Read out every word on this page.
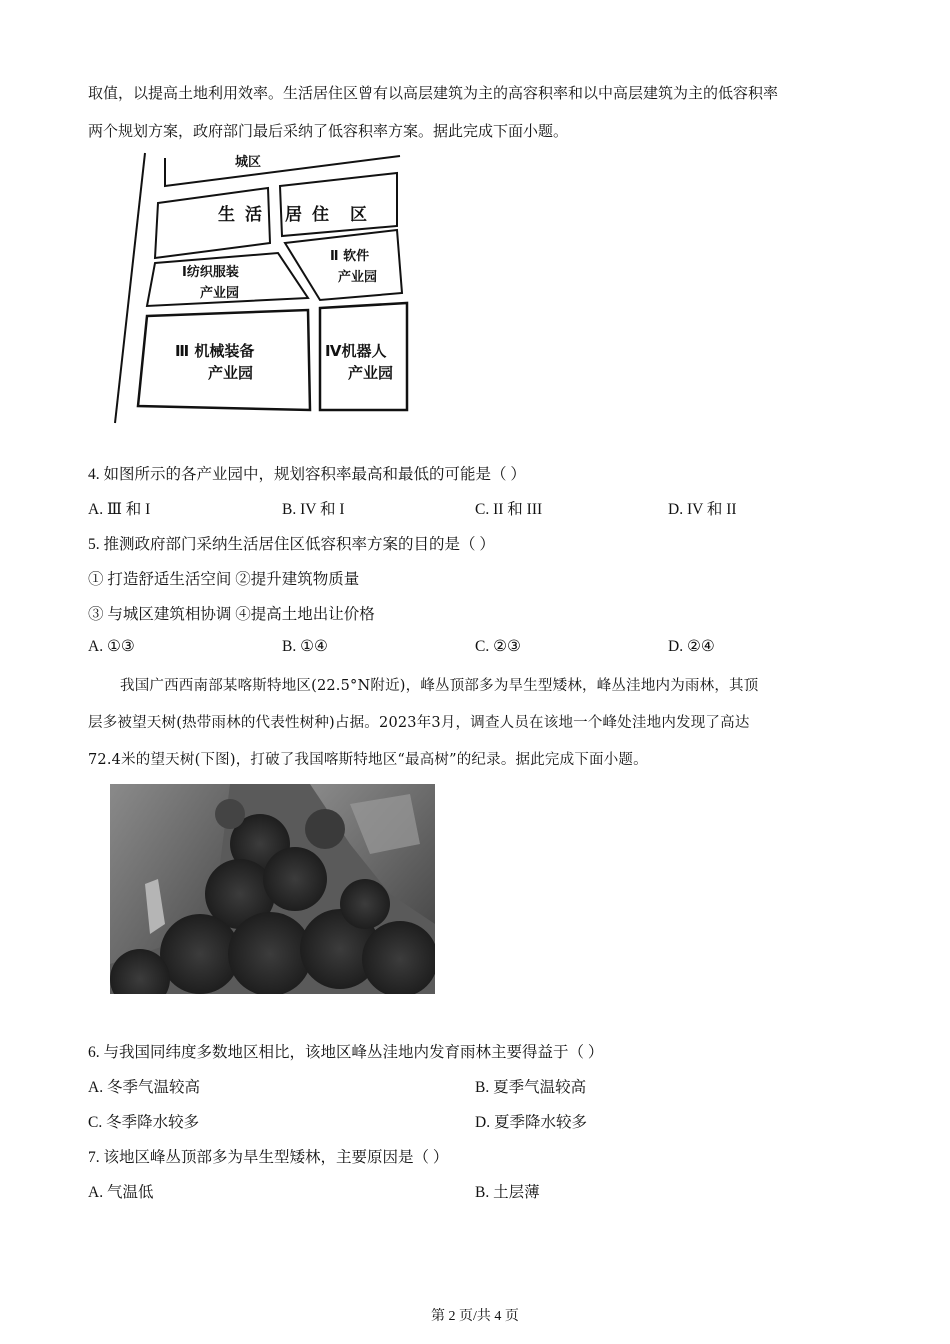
取值，以提高土地利用效率。生活居住区曾有以高层建筑为主的高容积率和以中高层建筑为主的低容积率
两个规划方案，政府部门最后采纳了低容积率方案。据此完成下面小题。
城区
生 活 居 住 区
Ⅰ纺织服装
产业园
Ⅱ 软件
产业园
Ⅲ 机械装备
产业园
Ⅳ机器人
产业园
4. 如图所示的各产业园中，规划容积率最高和最低的可能是（ ）
A. Ⅲ 和 I	B. IV 和 I	C. II 和 III	D. IV 和 II
5. 推测政府部门采纳生活居住区低容积率方案的目的是（ ）
① 打造舒适生活空间 ②提升建筑物质量
③ 与城区建筑相协调 ④提高土地出让价格
A. ①③	B. ①④	C. ②③	D. ②④
我国广西西南部某喀斯特地区(22.5°N附近)，峰丛顶部多为旱生型矮林，峰丛洼地内为雨林，其顶
层多被望天树(热带雨林的代表性树种)占据。2023年3月，调查人员在该地一个峰处洼地内发现了高达
72.4米的望天树(下图)，打破了我国喀斯特地区“最高树”的纪录。据此完成下面小题。
6. 与我国同纬度多数地区相比，该地区峰丛洼地内发育雨林主要得益于（ ）
A. 冬季气温较高	B. 夏季气温较高
C. 冬季降水较多	D. 夏季降水较多
7. 该地区峰丛顶部多为旱生型矮林，主要原因是（ ）
A. 气温低	B. 土层薄
第 2 页/共 4 页
